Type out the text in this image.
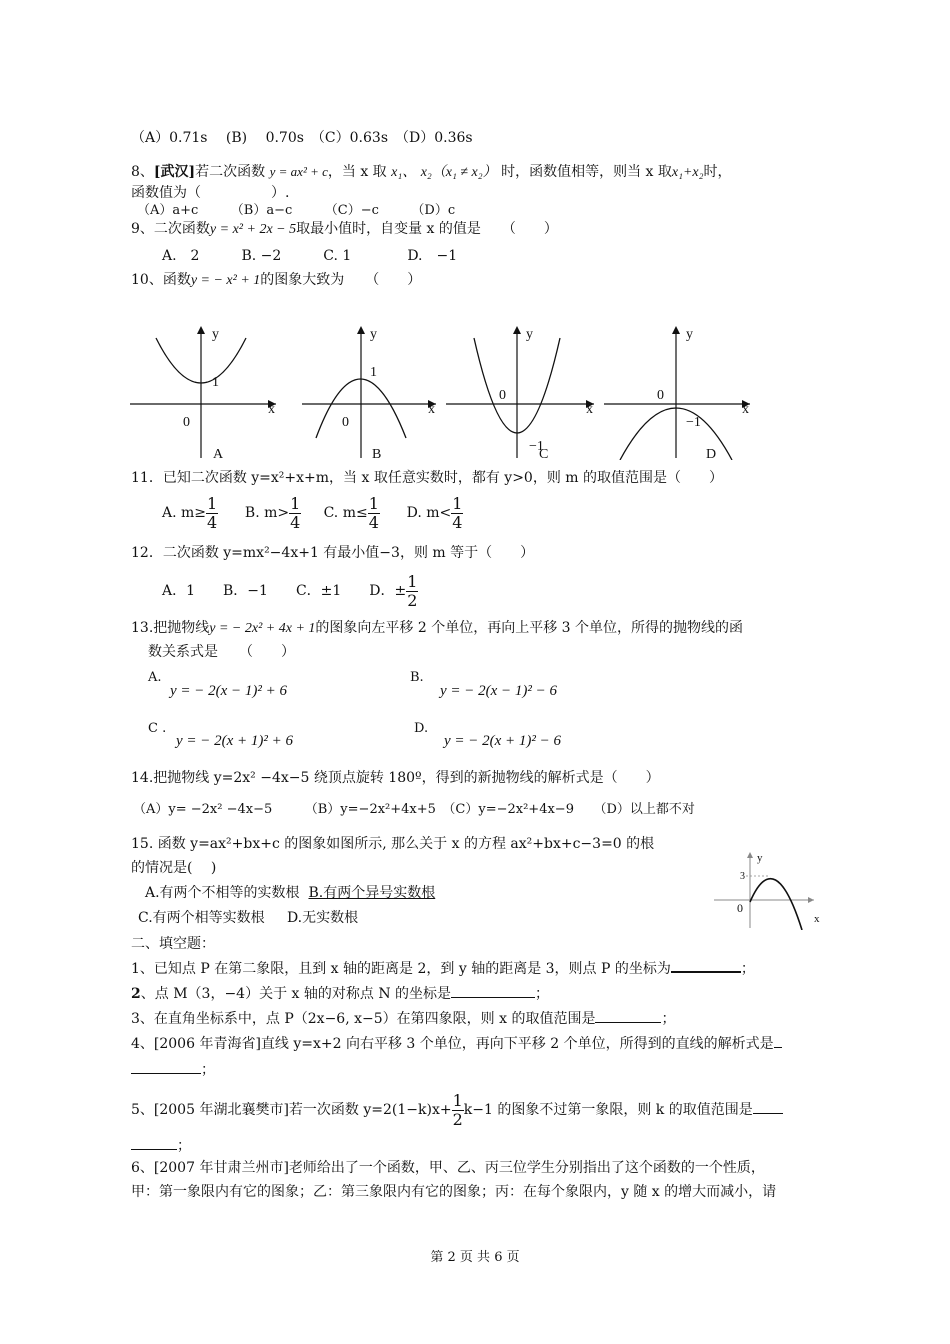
（A）0.71s　 (B)　 0.70s　（C）0.63s　（D）0.36s
8、[武汉]若二次函数 y = ax² + c，当 x 取 x₁、 x₂（x₁ ≠ x₂） 时，函数值相等，则当 x 取x₁+x₂时，
函数值为（　　　　　）.
（A）a+c　　　（B）a−c　　　（C）−c　　　（D）c
9、二次函数y = x² + 2x − 5取最小值时，自变量 x 的值是　　（　　）
A.　2　　　B. −2　　　C. 1　　　　D.　−1
10、函数y = − x² + 1的图象大致为　　（　　）
y
x
0
1
A
y
x
0
1
B
y
x
0
−1
C
y
x
0
−1
D
11．已知二次函数 y=x²+x+m，当 x 取任意实数时，都有 y>0，则 m 的取值范围是（　　）
A. $m\ge \frac{1}{4} B$. $m> \frac{1}{4} C$. $m\le \frac{1}{4} D$. $m< \frac{1}{4}$
12．二次函数 y=mx²−4x+1 有最小值−3，则 m 等于（　　）
A．1　　B．−1　　C．±1　　D．± $\frac{1}{2}$
13.把抛物线y = − 2x² + 4x + 1的图象向左平移 2 个单位，再向上平移 3 个单位，所得的抛物线的函
数关系式是　　（　　）
A.
y = − 2(x − 1)² + 6
B.
y = − 2(x − 1)² − 6
C .
y = − 2(x + 1)² + 6
D.
y = − 2(x + 1)² − 6
14.把抛物线 y=2x² −4x−5 绕顶点旋转 180º，得到的新抛物线的解析式是（　　）
（A）y= −2x² −4x−5　　　（B）y=−2x²+4x+5　（C）y=−2x²+4x−9　　（D）以上都不对
15. 函数 y=ax²+bx+c 的图象如图所示, 那么关于 x 的方程 ax²+bx+c−3=0 的根
的情况是(　 )
A.有两个不相等的实数根 B.有两个异号实数根
C.有两个相等实数根 D.无实数根
y
x
3
0
二、填空题：
1、已知点 P 在第二象限，且到 x 轴的距离是 2，到 y 轴的距离是 3，则点 P 的坐标为	；
2、点 M（3，−4）关于 x 轴的对称点 N 的坐标是	；
3、在直角坐标系中，点 P（2x−6, x−5）在第四象限，则 x 的取值范围是	；
4、[2006 年青海省]直线 y=x+2 向右平移 3 个单位，再向下平移 2 个单位，所得到的直线的解析式是
；
5、[2005 年湖北襄樊市]若一次函数 $y=2(1-k)x+ \frac{1}{2} k-1$ 的图象不过第一象限，则 k 的取值范围是
；
6、[2007 年甘肃兰州市]老师给出了一个函数，甲、乙、丙三位学生分别指出了这个函数的一个性质，
甲：第一象限内有它的图象；乙：第三象限内有它的图象；丙：在每个象限内，y 随 x 的增大而减小，请
第 2 页 共 6 页
